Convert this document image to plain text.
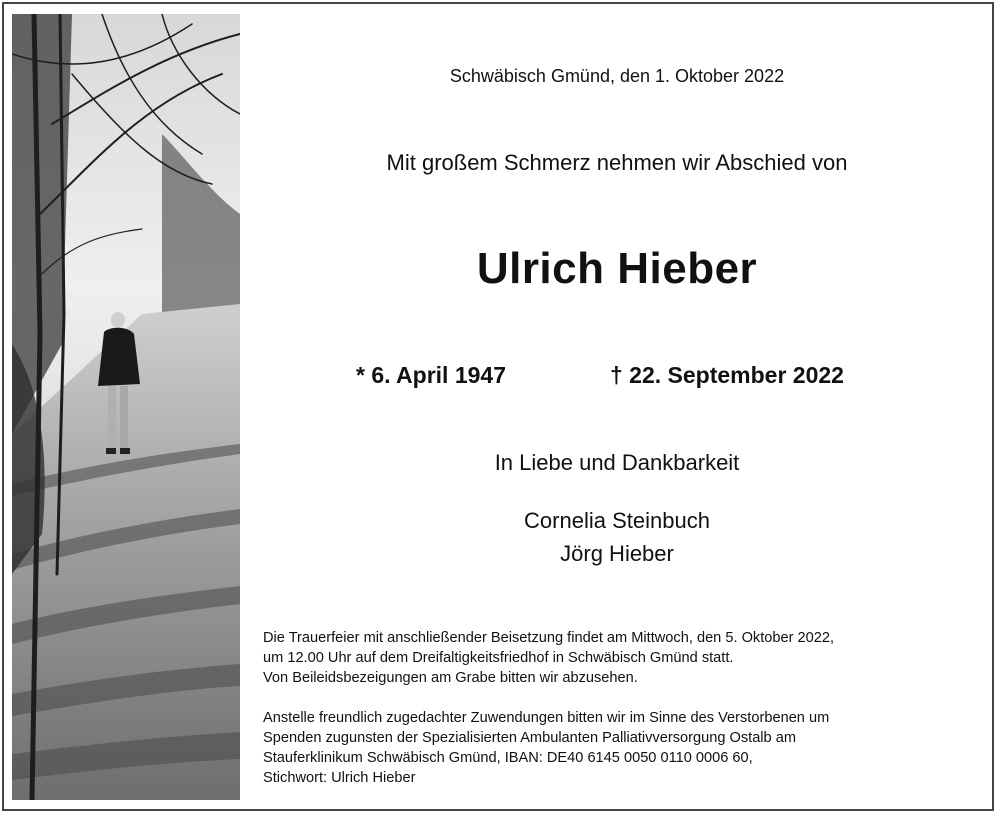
Schwäbisch Gmünd, den 1. Oktober 2022
Mit großem Schmerz nehmen wir Abschied von
Ulrich Hieber
* 6. April 1947	† 22. September 2022
In Liebe und Dankbarkeit
Cornelia Steinbuch
Jörg Hieber
Die Trauerfeier mit anschließender Beisetzung findet am Mittwoch, den 5. Oktober 2022,
um 12.00 Uhr auf dem Dreifaltigkeitsfriedhof in Schwäbisch Gmünd statt.
Von Beileidsbezeigungen am Grabe bitten wir abzusehen.
Anstelle freundlich zugedachter Zuwendungen bitten wir im Sinne des Verstorbenen um
Spenden zugunsten der Spezialisierten Ambulanten Palliativversorgung Ostalb am
Stauferklinikum Schwäbisch Gmünd, IBAN: DE40 6145 0050 0110 0006 60,
Stichwort: Ulrich Hieber
